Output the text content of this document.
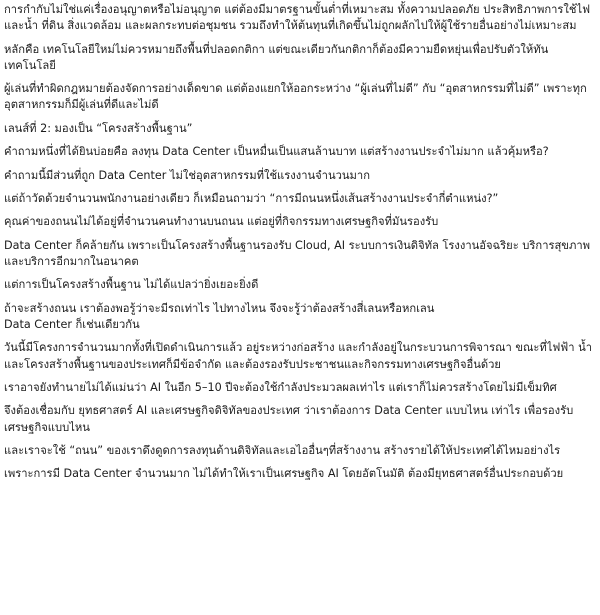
การกำกับไม่ใช่แค่เรื่องอนุญาตหรือไม่อนุญาต แต่ต้องมีมาตรฐานขั้นต่ำที่เหมาะสม ทั้งความปลอดภัย ประสิทธิภาพการใช้ไฟและน้ำ ที่ดิน สิ่งแวดล้อม และผลกระทบต่อชุมชน รวมถึงทำให้ต้นทุนที่เกิดขึ้นไม่ถูกผลักไปให้ผู้ใช้รายอื่นอย่างไม่เหมาะสม

หลักคือ เทคโนโลยีใหม่ไม่ควรหมายถึงพื้นที่ปลอดกติกา แต่ขณะเดียวกันกติกาก็ต้องมีความยืดหยุ่นเพื่อปรับตัวให้ทันเทคโนโลยี

ผู้เล่นที่ทำผิดกฎหมายต้องจัดการอย่างเด็ดขาด แต่ต้องแยกให้ออกระหว่าง “ผู้เล่นที่ไม่ดี” กับ “อุตสาหกรรมที่ไม่ดี” เพราะทุกอุตสาหกรรมก็มีผู้เล่นที่ดีและไม่ดี

เลนส์ที่ 2: มองเป็น “โครงสร้างพื้นฐาน”

คำถามหนึ่งที่ได้ยินบ่อยคือ ลงทุน Data Center เป็นหมื่นเป็นแสนล้านบาท แต่สร้างงานประจำไม่มาก แล้วคุ้มหรือ?

คำถามนี้มีส่วนที่ถูก Data Center ไม่ใช่อุตสาหกรรมที่ใช้แรงงานจำนวนมาก

แต่ถ้าวัดด้วยจำนวนพนักงานอย่างเดียว ก็เหมือนถามว่า “การมีถนนหนึ่งเส้นสร้างงานประจำกี่ตำแหน่ง?”

คุณค่าของถนนไม่ได้อยู่ที่จำนวนคนทำงานบนถนน แต่อยู่ที่กิจกรรมทางเศรษฐกิจที่มันรองรับ

Data Center ก็คล้ายกัน เพราะเป็นโครงสร้างพื้นฐานรองรับ Cloud, AI ระบบการเงินดิจิทัล โรงงานอัจฉริยะ บริการสุขภาพ และบริการอีกมากในอนาคต

แต่การเป็นโครงสร้างพื้นฐาน ไม่ได้แปลว่ายิ่งเยอะยิ่งดี

ถ้าจะสร้างถนน เราต้องพอรู้ว่าจะมีรถเท่าไร ไปทางไหน จึงจะรู้ว่าต้องสร้างสี่เลนหรือหกเลน
Data Center ก็เช่นเดียวกัน

วันนี้มีโครงการจำนวนมากทั้งที่เปิดดำเนินการแล้ว อยู่ระหว่างก่อสร้าง และกำลังอยู่ในกระบวนการพิจารณา ขณะที่ไฟฟ้า น้ำ และโครงสร้างพื้นฐานของประเทศก็มีข้อจำกัด และต้องรองรับประชาชนและกิจกรรมทางเศรษฐกิจอื่นด้วย

เราอาจยังทำนายไม่ได้แม่นว่า AI ในอีก 5–10 ปีจะต้องใช้กำลังประมวลผลเท่าไร แต่เราก็ไม่ควรสร้างโดยไม่มีเข็มทิศ

จึงต้องเชื่อมกับ ยุทธศาสตร์ AI และเศรษฐกิจดิจิทัลของประเทศ ว่าเราต้องการ Data Center แบบไหน เท่าไร เพื่อรองรับเศรษฐกิจแบบไหน

และเราจะใช้ “ถนน” ของเราดึงดูดการลงทุนด้านดิจิทัลและเอไออื่นๆที่สร้างงาน สร้างรายได้ให้ประเทศได้ไหมอย่างไร

เพราะการมี Data Center จำนวนมาก ไม่ได้ทำให้เราเป็นเศรษฐกิจ AI โดยอัตโนมัติ ต้องมียุทธศาสตร์อื่นประกอบด้วย
